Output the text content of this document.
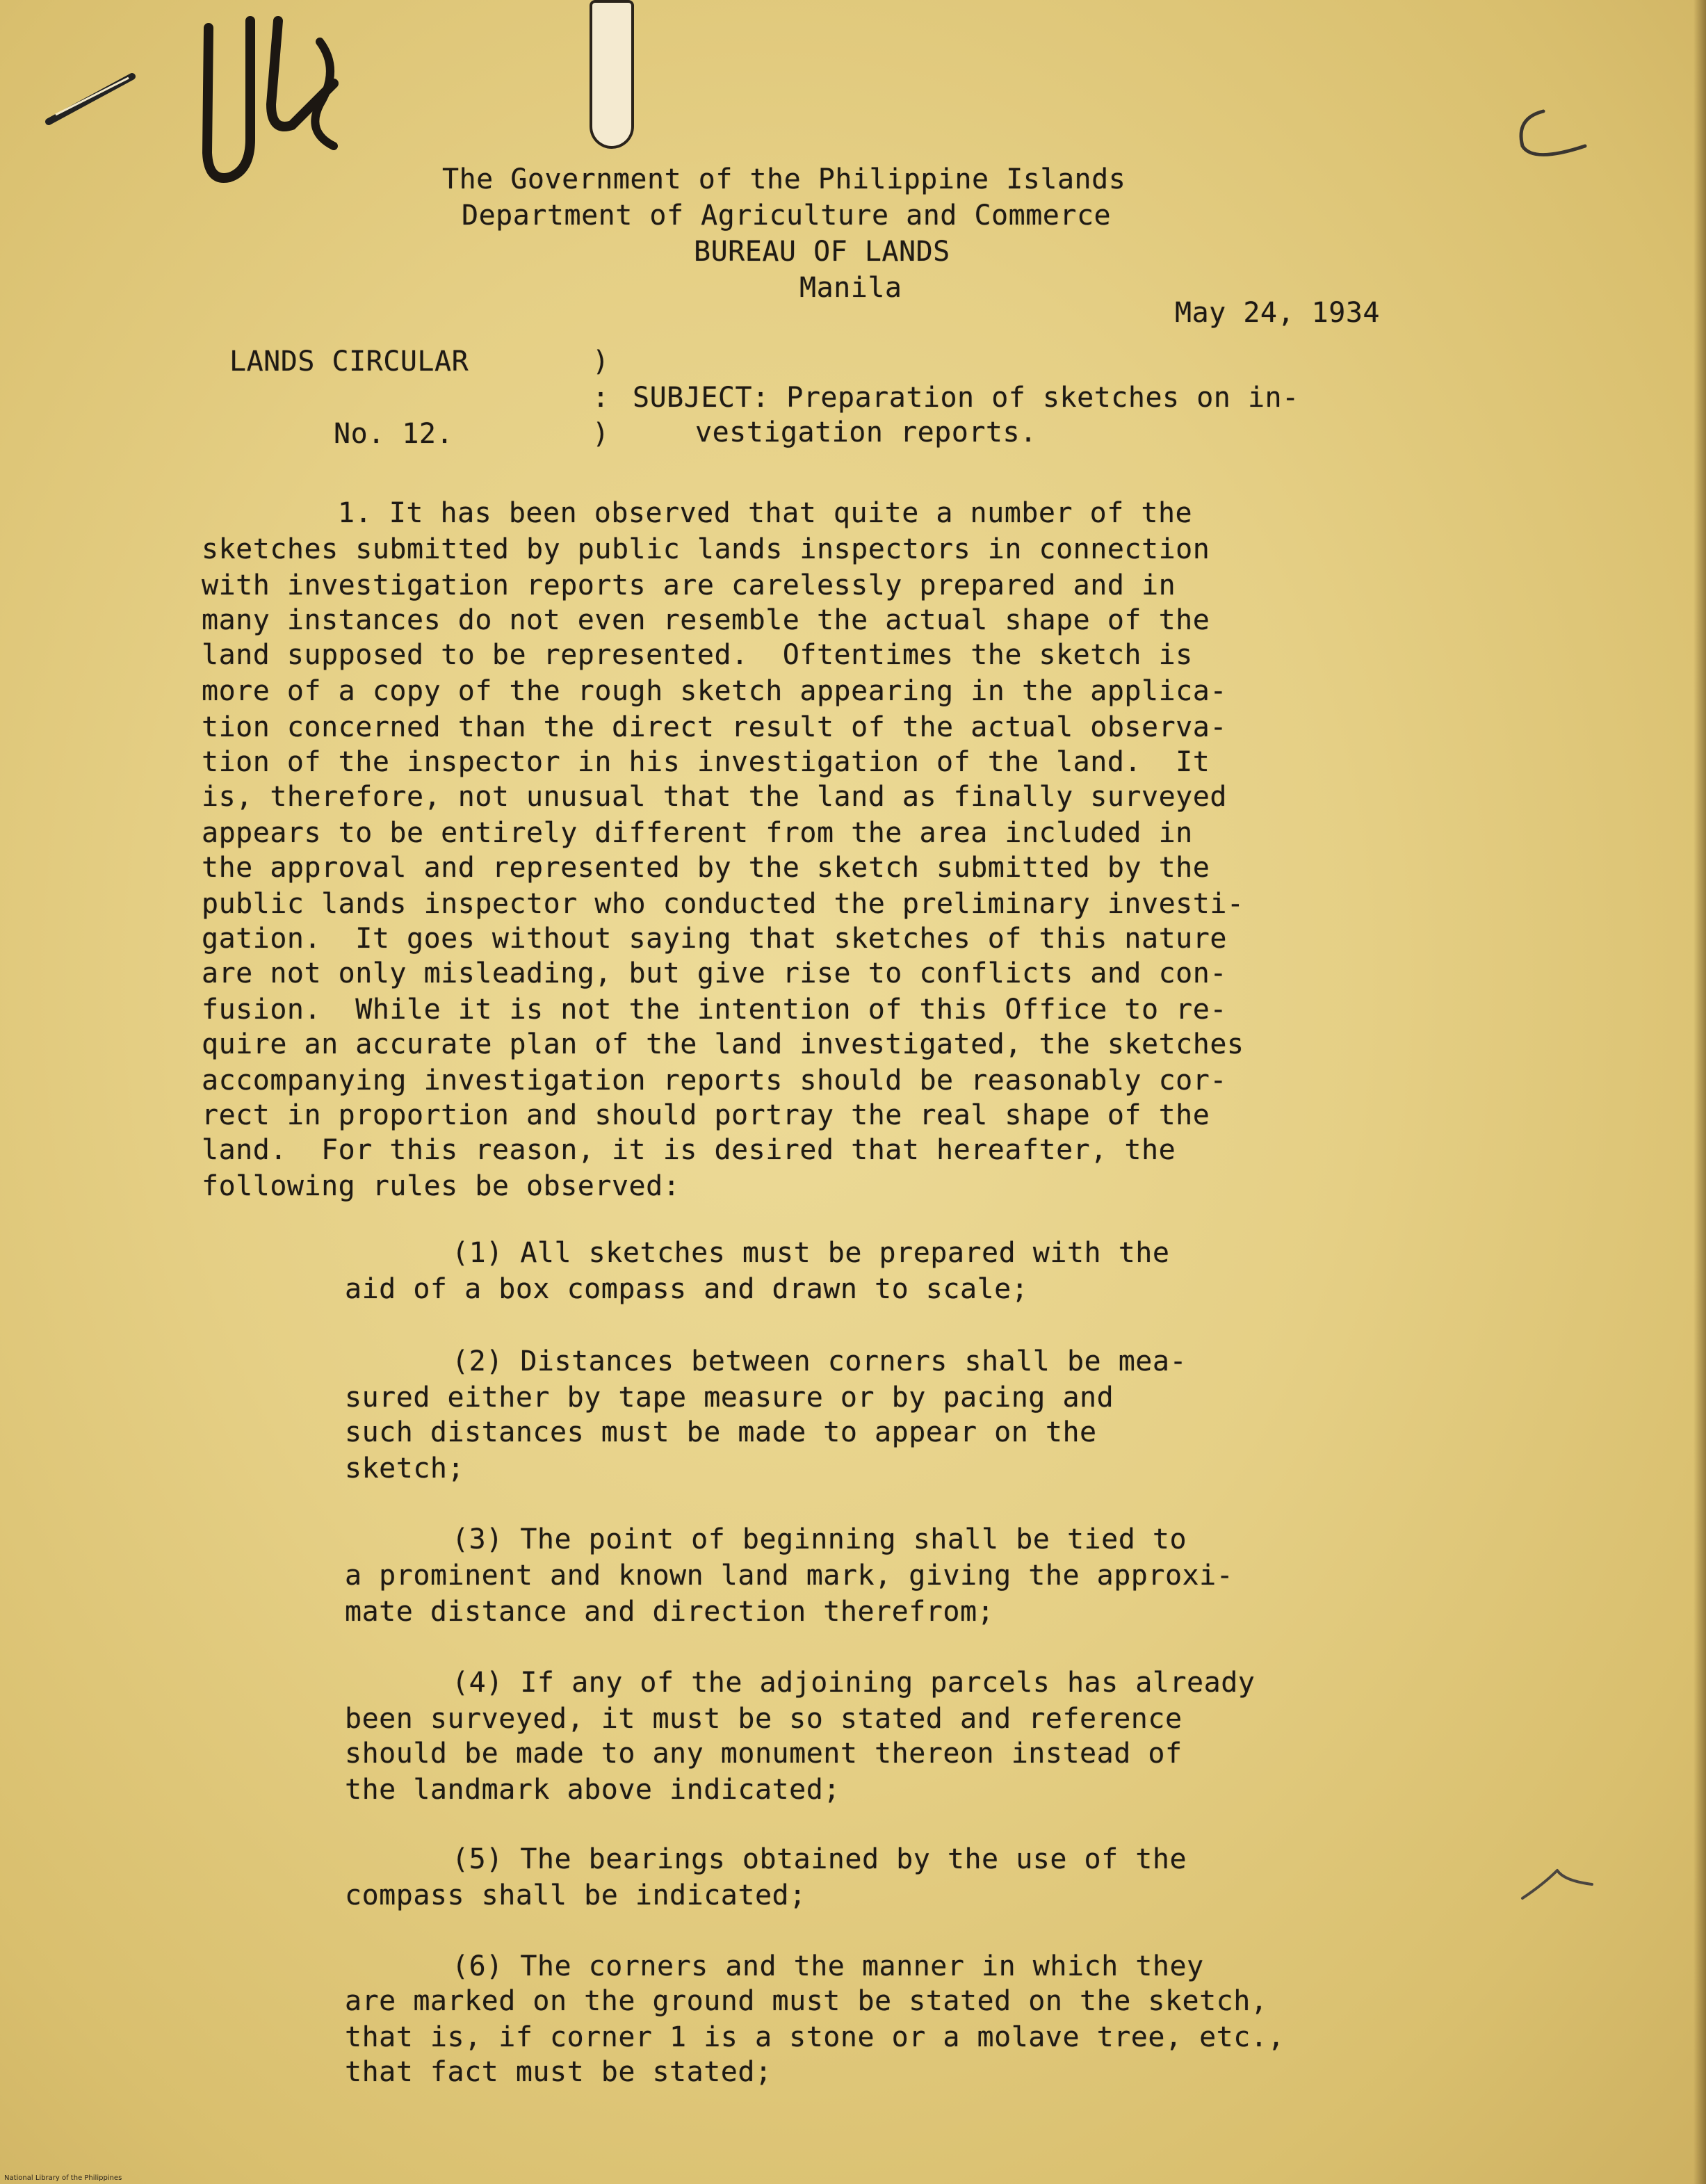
The Government of the Philippine Islands
Department of Agriculture and Commerce
BUREAU OF LANDS
Manila
May 24, 1934
LANDS CIRCULAR
No. 12.
)
:
)
SUBJECT: Preparation of sketches on in-
vestigation reports.
1. It has been observed that quite a number of the
sketches submitted by public lands inspectors in connection
with investigation reports are carelessly prepared and in
many instances do not even resemble the actual shape of the
land supposed to be represented.  Oftentimes the sketch is
more of a copy of the rough sketch appearing in the applica-
tion concerned than the direct result of the actual observa-
tion of the inspector in his investigation of the land.  It
is, therefore, not unusual that the land as finally surveyed
appears to be entirely different from the area included in
the approval and represented by the sketch submitted by the
public lands inspector who conducted the preliminary investi-
gation.  It goes without saying that sketches of this nature
are not only misleading, but give rise to conflicts and con-
fusion.  While it is not the intention of this Office to re-
quire an accurate plan of the land investigated, the sketches
accompanying investigation reports should be reasonably cor-
rect in proportion and should portray the real shape of the
land.  For this reason, it is desired that hereafter, the
following rules be observed:
(1) All sketches must be prepared with the
aid of a box compass and drawn to scale;
(2) Distances between corners shall be mea-
sured either by tape measure or by pacing and
such distances must be made to appear on the
sketch;
(3) The point of beginning shall be tied to
a prominent and known land mark, giving the approxi-
mate distance and direction therefrom;
(4) If any of the adjoining parcels has already
been surveyed, it must be so stated and reference
should be made to any monument thereon instead of
the landmark above indicated;
(5) The bearings obtained by the use of the
compass shall be indicated;
(6) The corners and the manner in which they
are marked on the ground must be stated on the sketch,
that is, if corner 1 is a stone or a molave tree, etc.,
that fact must be stated;
National Library of the Philippines
